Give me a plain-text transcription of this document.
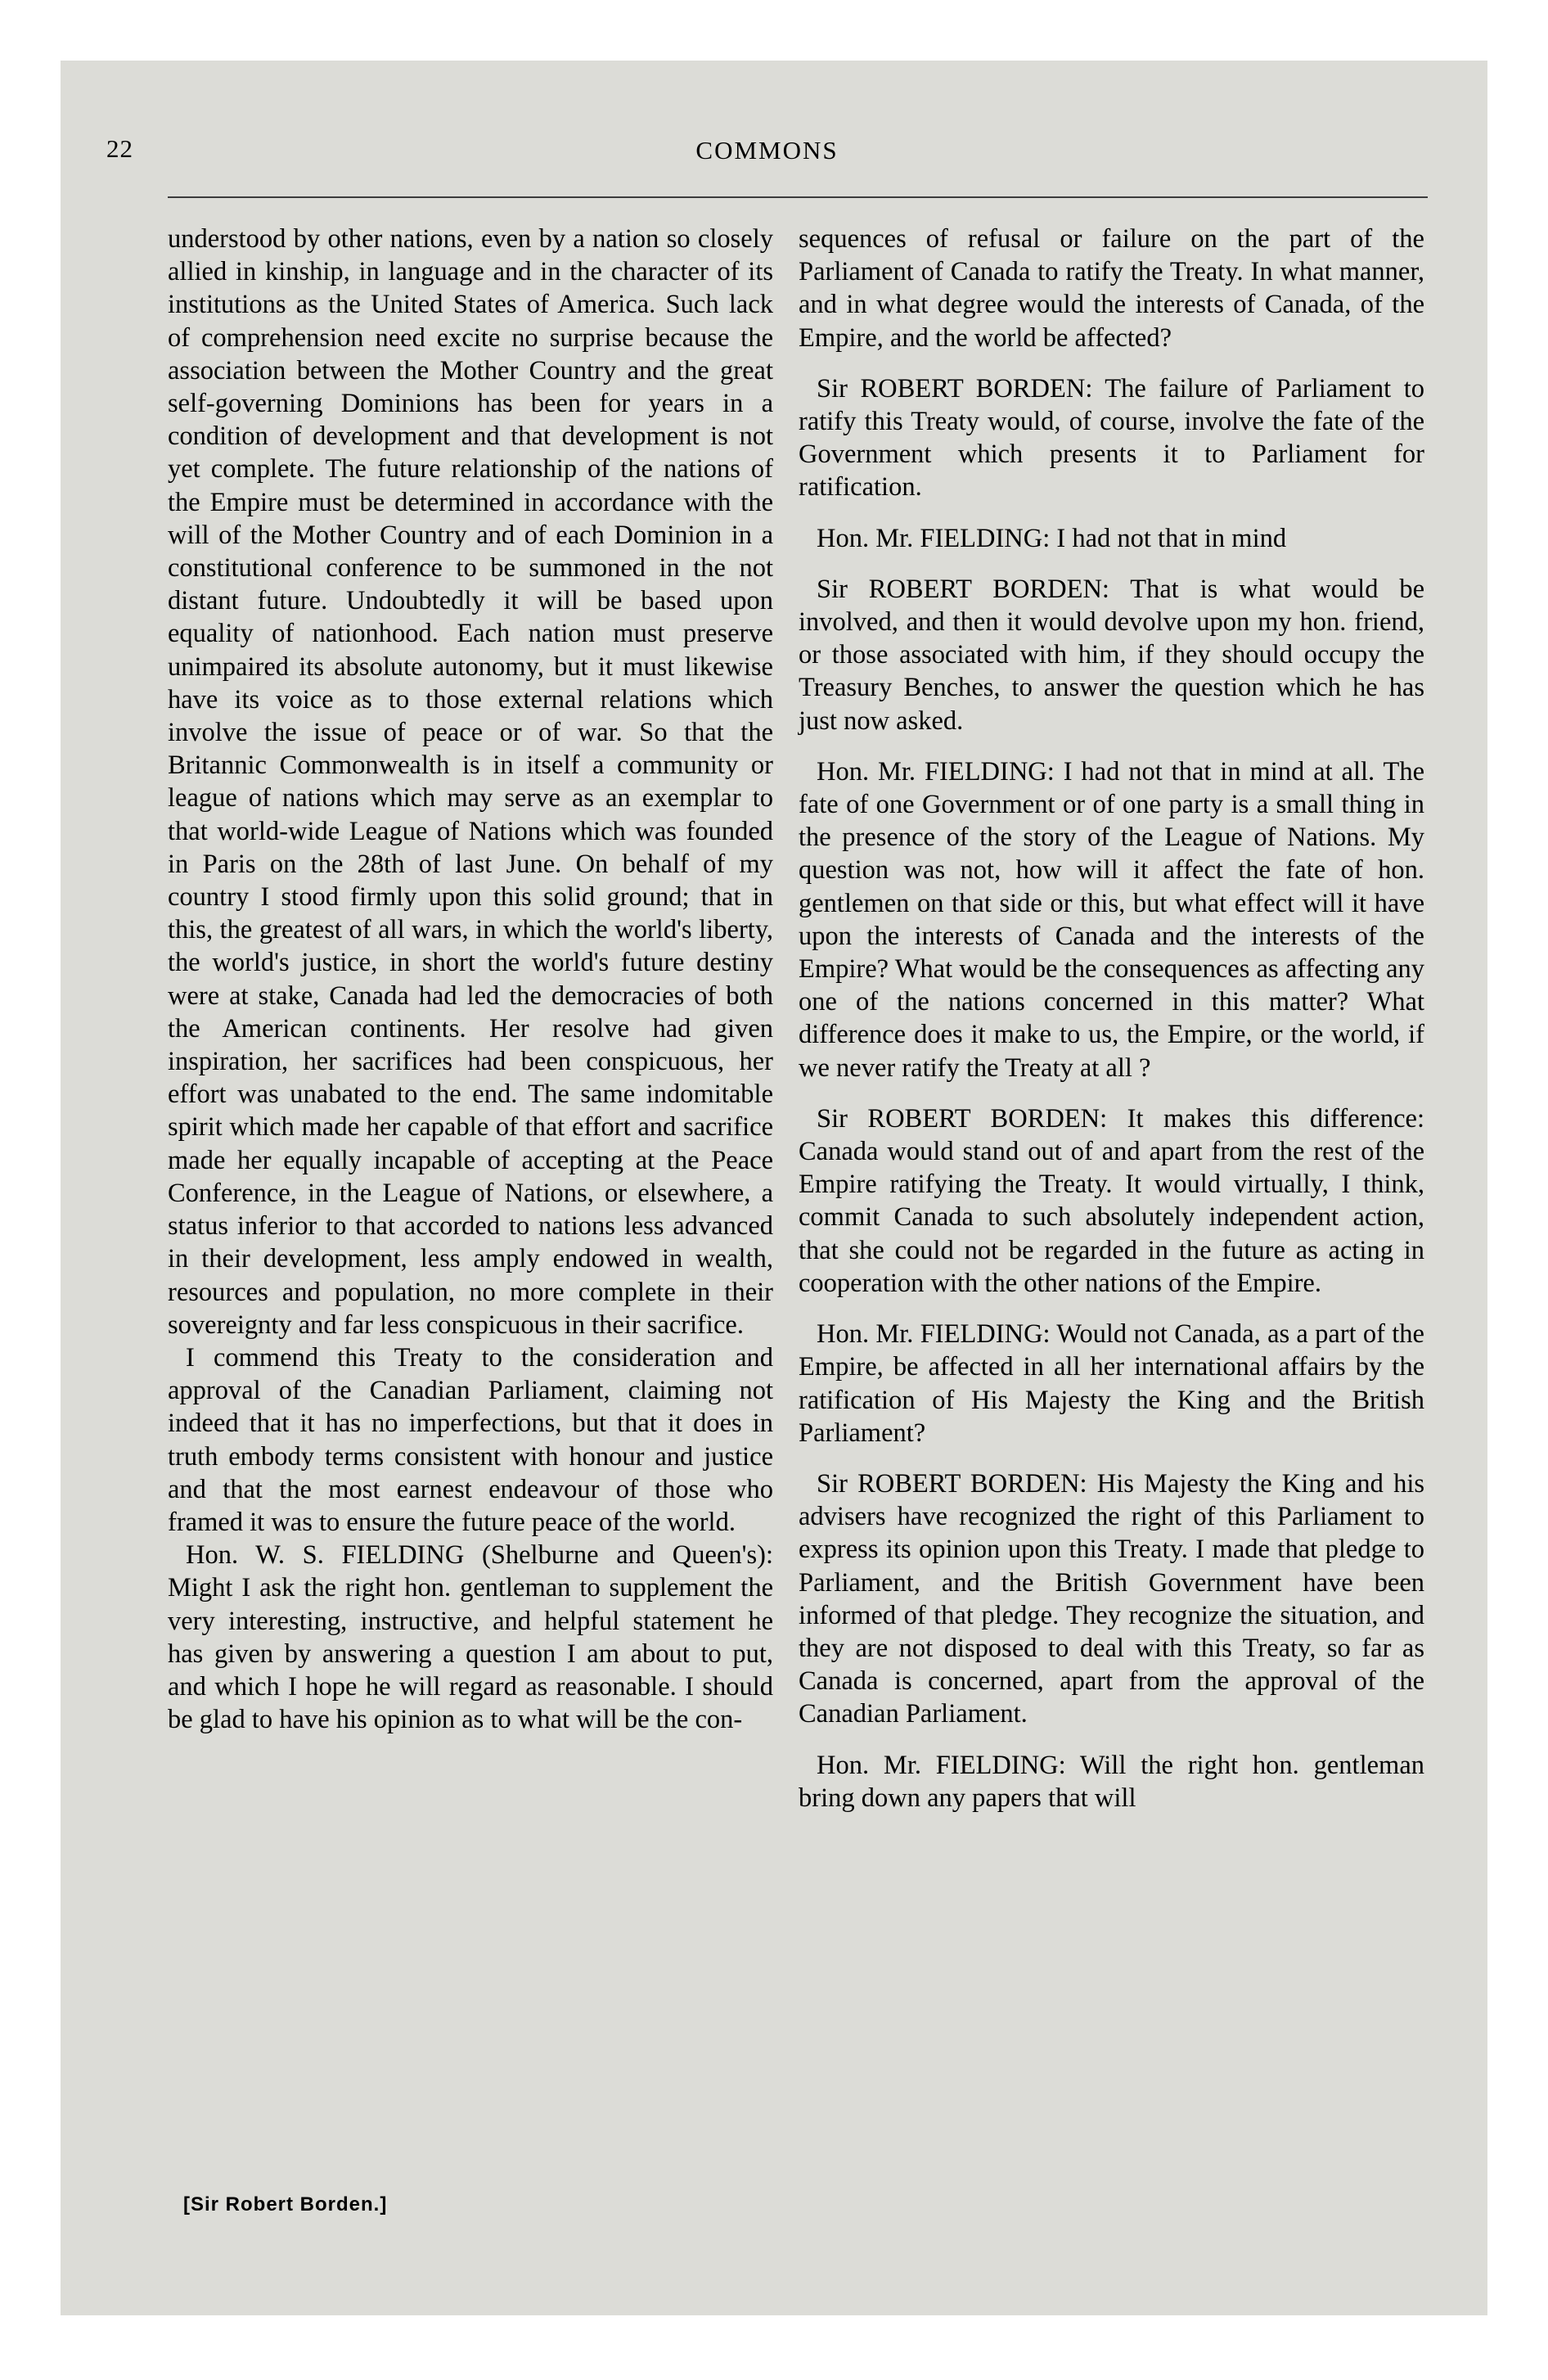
22	COMMONS

understood by other nations, even by a nation so closely allied in kinship, in language and in the character of its institutions as the United States of America. Such lack of comprehension need excite no surprise because the association between the Mother Country and the great self-governing Dominions has been for years in a condition of development and that development is not yet complete. The future relationship of the nations of the Empire must be determined in accordance with the will of the Mother Country and of each Dominion in a constitutional conference to be summoned in the not distant future. Undoubtedly it will be based upon equality of nationhood. Each nation must preserve unimpaired its absolute autonomy, but it must likewise have its voice as to those external relations which involve the issue of peace or of war. So that the Britannic Commonwealth is in itself a community or league of nations which may serve as an exemplar to that world-wide League of Nations which was founded in Paris on the 28th of last June. On behalf of my country I stood firmly upon this solid ground; that in this, the greatest of all wars, in which the world's liberty, the world's justice, in short the world's future destiny were at stake, Canada had led the democracies of both the American continents. Her resolve had given inspiration, her sacrifices had been conspicuous, her effort was unabated to the end. The same indomitable spirit which made her capable of that effort and sacrifice made her equally incapable of accepting at the Peace Conference, in the League of Nations, or elsewhere, a status inferior to that accorded to nations less advanced in their development, less amply endowed in wealth, resources and population, no more complete in their sovereignty and far less conspicuous in their sacrifice.

I commend this Treaty to the consideration and approval of the Canadian Parliament, claiming not indeed that it has no imperfections, but that it does in truth embody terms consistent with honour and justice and that the most earnest endeavour of those who framed it was to ensure the future peace of the world.

Hon. W. S. FIELDING (Shelburne and Queen's): Might I ask the right hon. gentleman to supplement the very interesting, instructive, and helpful statement he has given by answering a question I am about to put, and which I hope he will regard as reasonable. I should be glad to have his opinion as to what will be the con-

sequences of refusal or failure on the part of the Parliament of Canada to ratify the Treaty. In what manner, and in what degree would the interests of Canada, of the Empire, and the world be affected?

Sir ROBERT BORDEN: The failure of Parliament to ratify this Treaty would, of course, involve the fate of the Government which presents it to Parliament for ratification.

Hon. Mr. FIELDING: I had not that in mind

Sir ROBERT BORDEN: That is what would be involved, and then it would devolve upon my hon. friend, or those associated with him, if they should occupy the Treasury Benches, to answer the question which he has just now asked.

Hon. Mr. FIELDING: I had not that in mind at all. The fate of one Government or of one party is a small thing in the presence of the story of the League of Nations. My question was not, how will it affect the fate of hon. gentlemen on that side or this, but what effect will it have upon the interests of Canada and the interests of the Empire? What would be the consequences as affecting any one of the nations concerned in this matter? What difference does it make to us, the Empire, or the world, if we never ratify the Treaty at all ?

Sir ROBERT BORDEN: It makes this difference: Canada would stand out of and apart from the rest of the Empire ratifying the Treaty. It would virtually, I think, commit Canada to such absolutely independent action, that she could not be regarded in the future as acting in cooperation with the other nations of the Empire.

Hon. Mr. FIELDING: Would not Canada, as a part of the Empire, be affected in all her international affairs by the ratification of His Majesty the King and the British Parliament?

Sir ROBERT BORDEN: His Majesty the King and his advisers have recognized the right of this Parliament to express its opinion upon this Treaty. I made that pledge to Parliament, and the British Government have been informed of that pledge. They recognize the situation, and they are not disposed to deal with this Treaty, so far as Canada is concerned, apart from the approval of the Canadian Parliament.

Hon. Mr. FIELDING: Will the right hon. gentleman bring down any papers that will

[Sir Robert Borden.]
